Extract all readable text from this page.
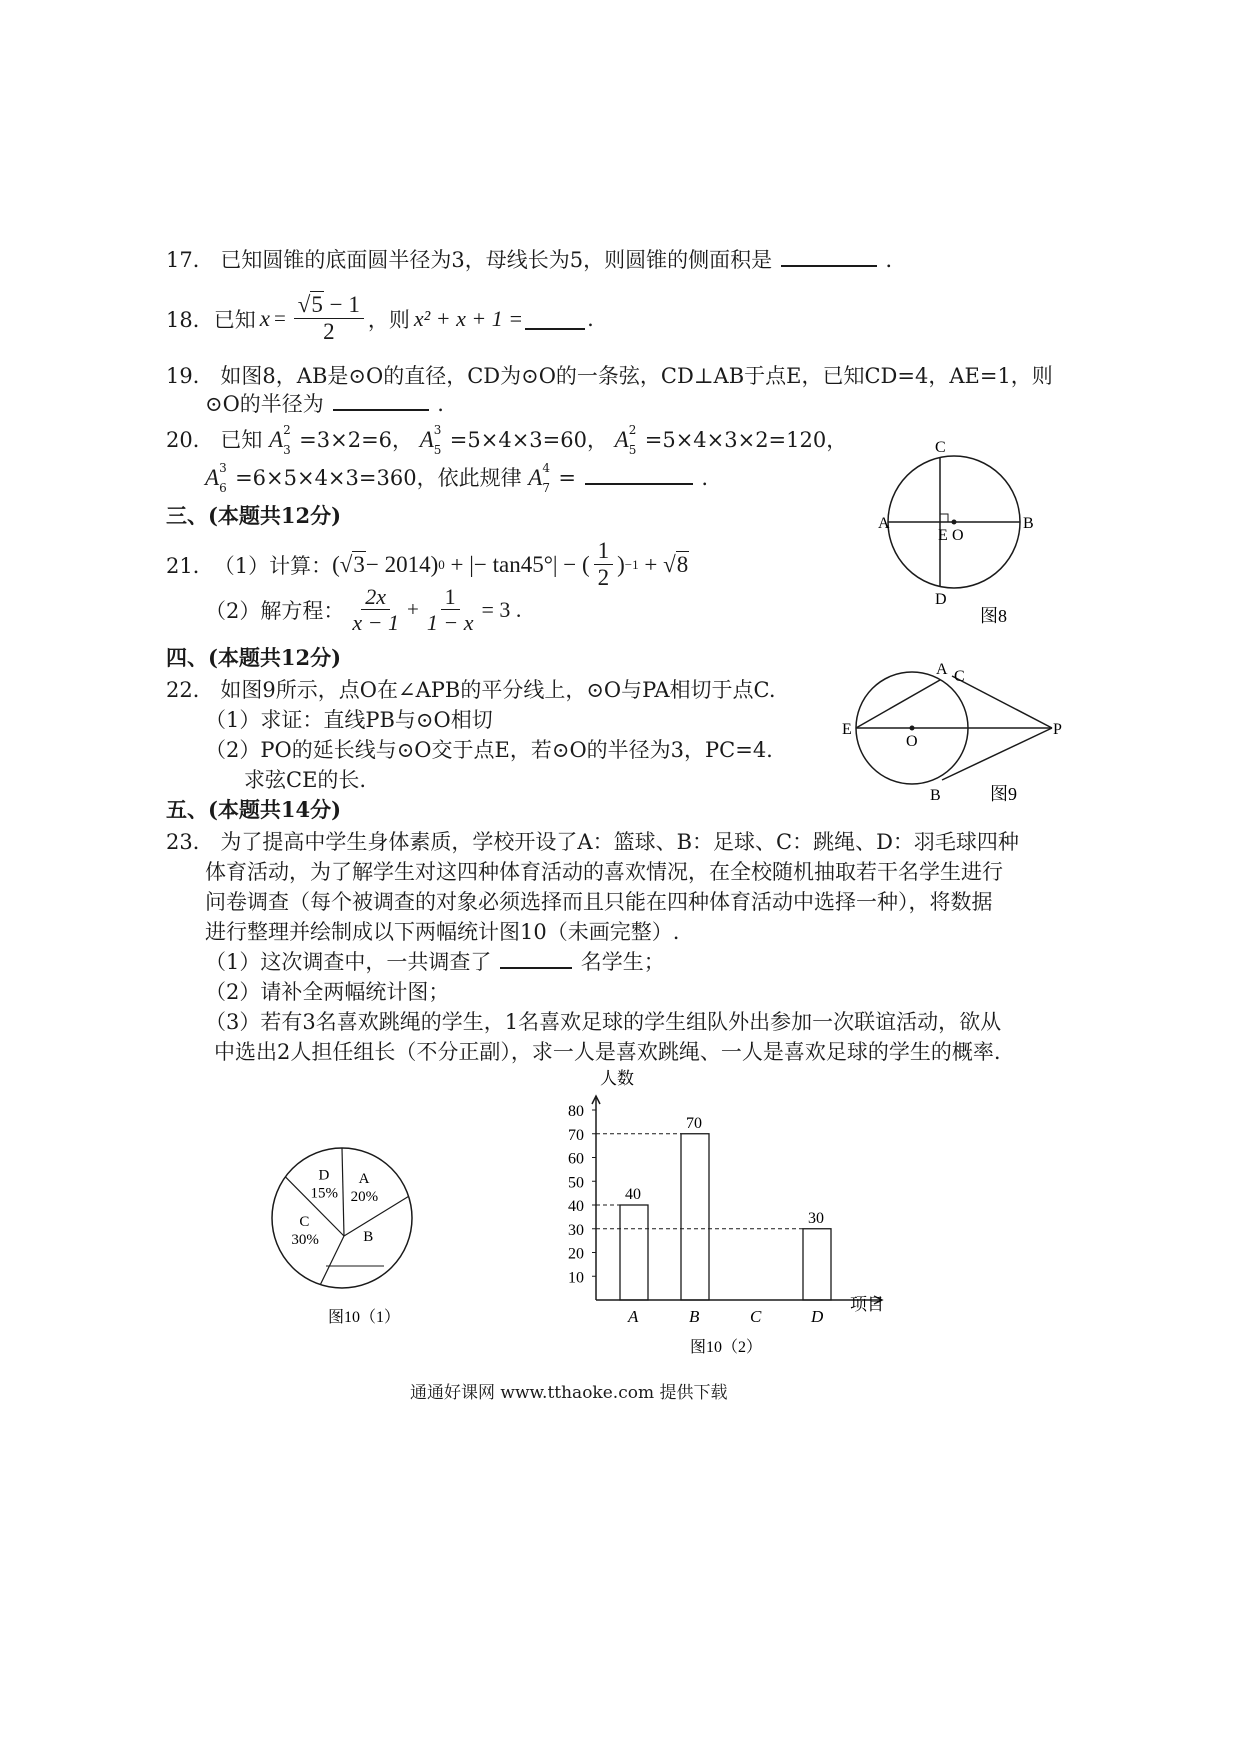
17． 已知圆锥的底面圆半径为3，母线长为5，则圆锥的侧面积是	．
18． 已知 $x = \frac{√5 - 1}{2}$ ，则 x² + x + 1 =	.
19． 如图8，AB是⊙O的直径，CD为⊙O的一条弦，CD⊥AB于点E，已知CD=4，AE=1，则
⊙O的半径为	.
20． 已知 A 2
3 =3×2=6， A 3
5 =5×4×3=60， A 2
5 =5×4×3×2=120，
A 3
6 =6×5×4×3=360，依此规律 A 4
7 =	.
A	B
C
D
E O
图8
三、(本题共12分)
21． （1）计算： ( √3 − 2014) 0 + |− tan45°| − ( $\frac{1}{2}$ ) −1 + √8
（2）解方程： $\frac{2x}{x - 1} + \frac{1}{1 - x} = 3$ .
四、(本题共12分)
22． 如图9所示，点O在∠APB的平分线上，⊙O与PA相切于点C.
（1）求证：直线PB与⊙O相切
（2）PO的延长线与⊙O交于点E，若⊙O的半径为3，PC=4.
求弦CE的长.
A C
E
O
P
B	图9
五、(本题共14分)
23． 为了提高中学生身体素质，学校开设了A：篮球、B：足球、C：跳绳、D：羽毛球四种
体育活动，为了解学生对这四种体育活动的喜欢情况，在全校随机抽取若干名学生进行
问卷调查（每个被调查的对象必须选择而且只能在四种体育活动中选择一种），将数据
进行整理并绘制成以下两幅统计图10（未画完整）.
（1）这次调查中，一共调查了	名学生；
（2）请补全两幅统计图；
（3）若有3名喜欢跳绳的学生，1名喜欢足球的学生组队外出参加一次联谊活动，欲从
中选出2人担任组长（不分正副），求一人是喜欢跳绳、一人是喜欢足球的学生的概率.
A
20%
B
C
30%
D
15%
图10（1）
10
20
30
40
50
60
70
80
A
40
B
70
C	D
30
人数
项目
图10（2）
通通好课网 www.tthaoke.com 提供下载
